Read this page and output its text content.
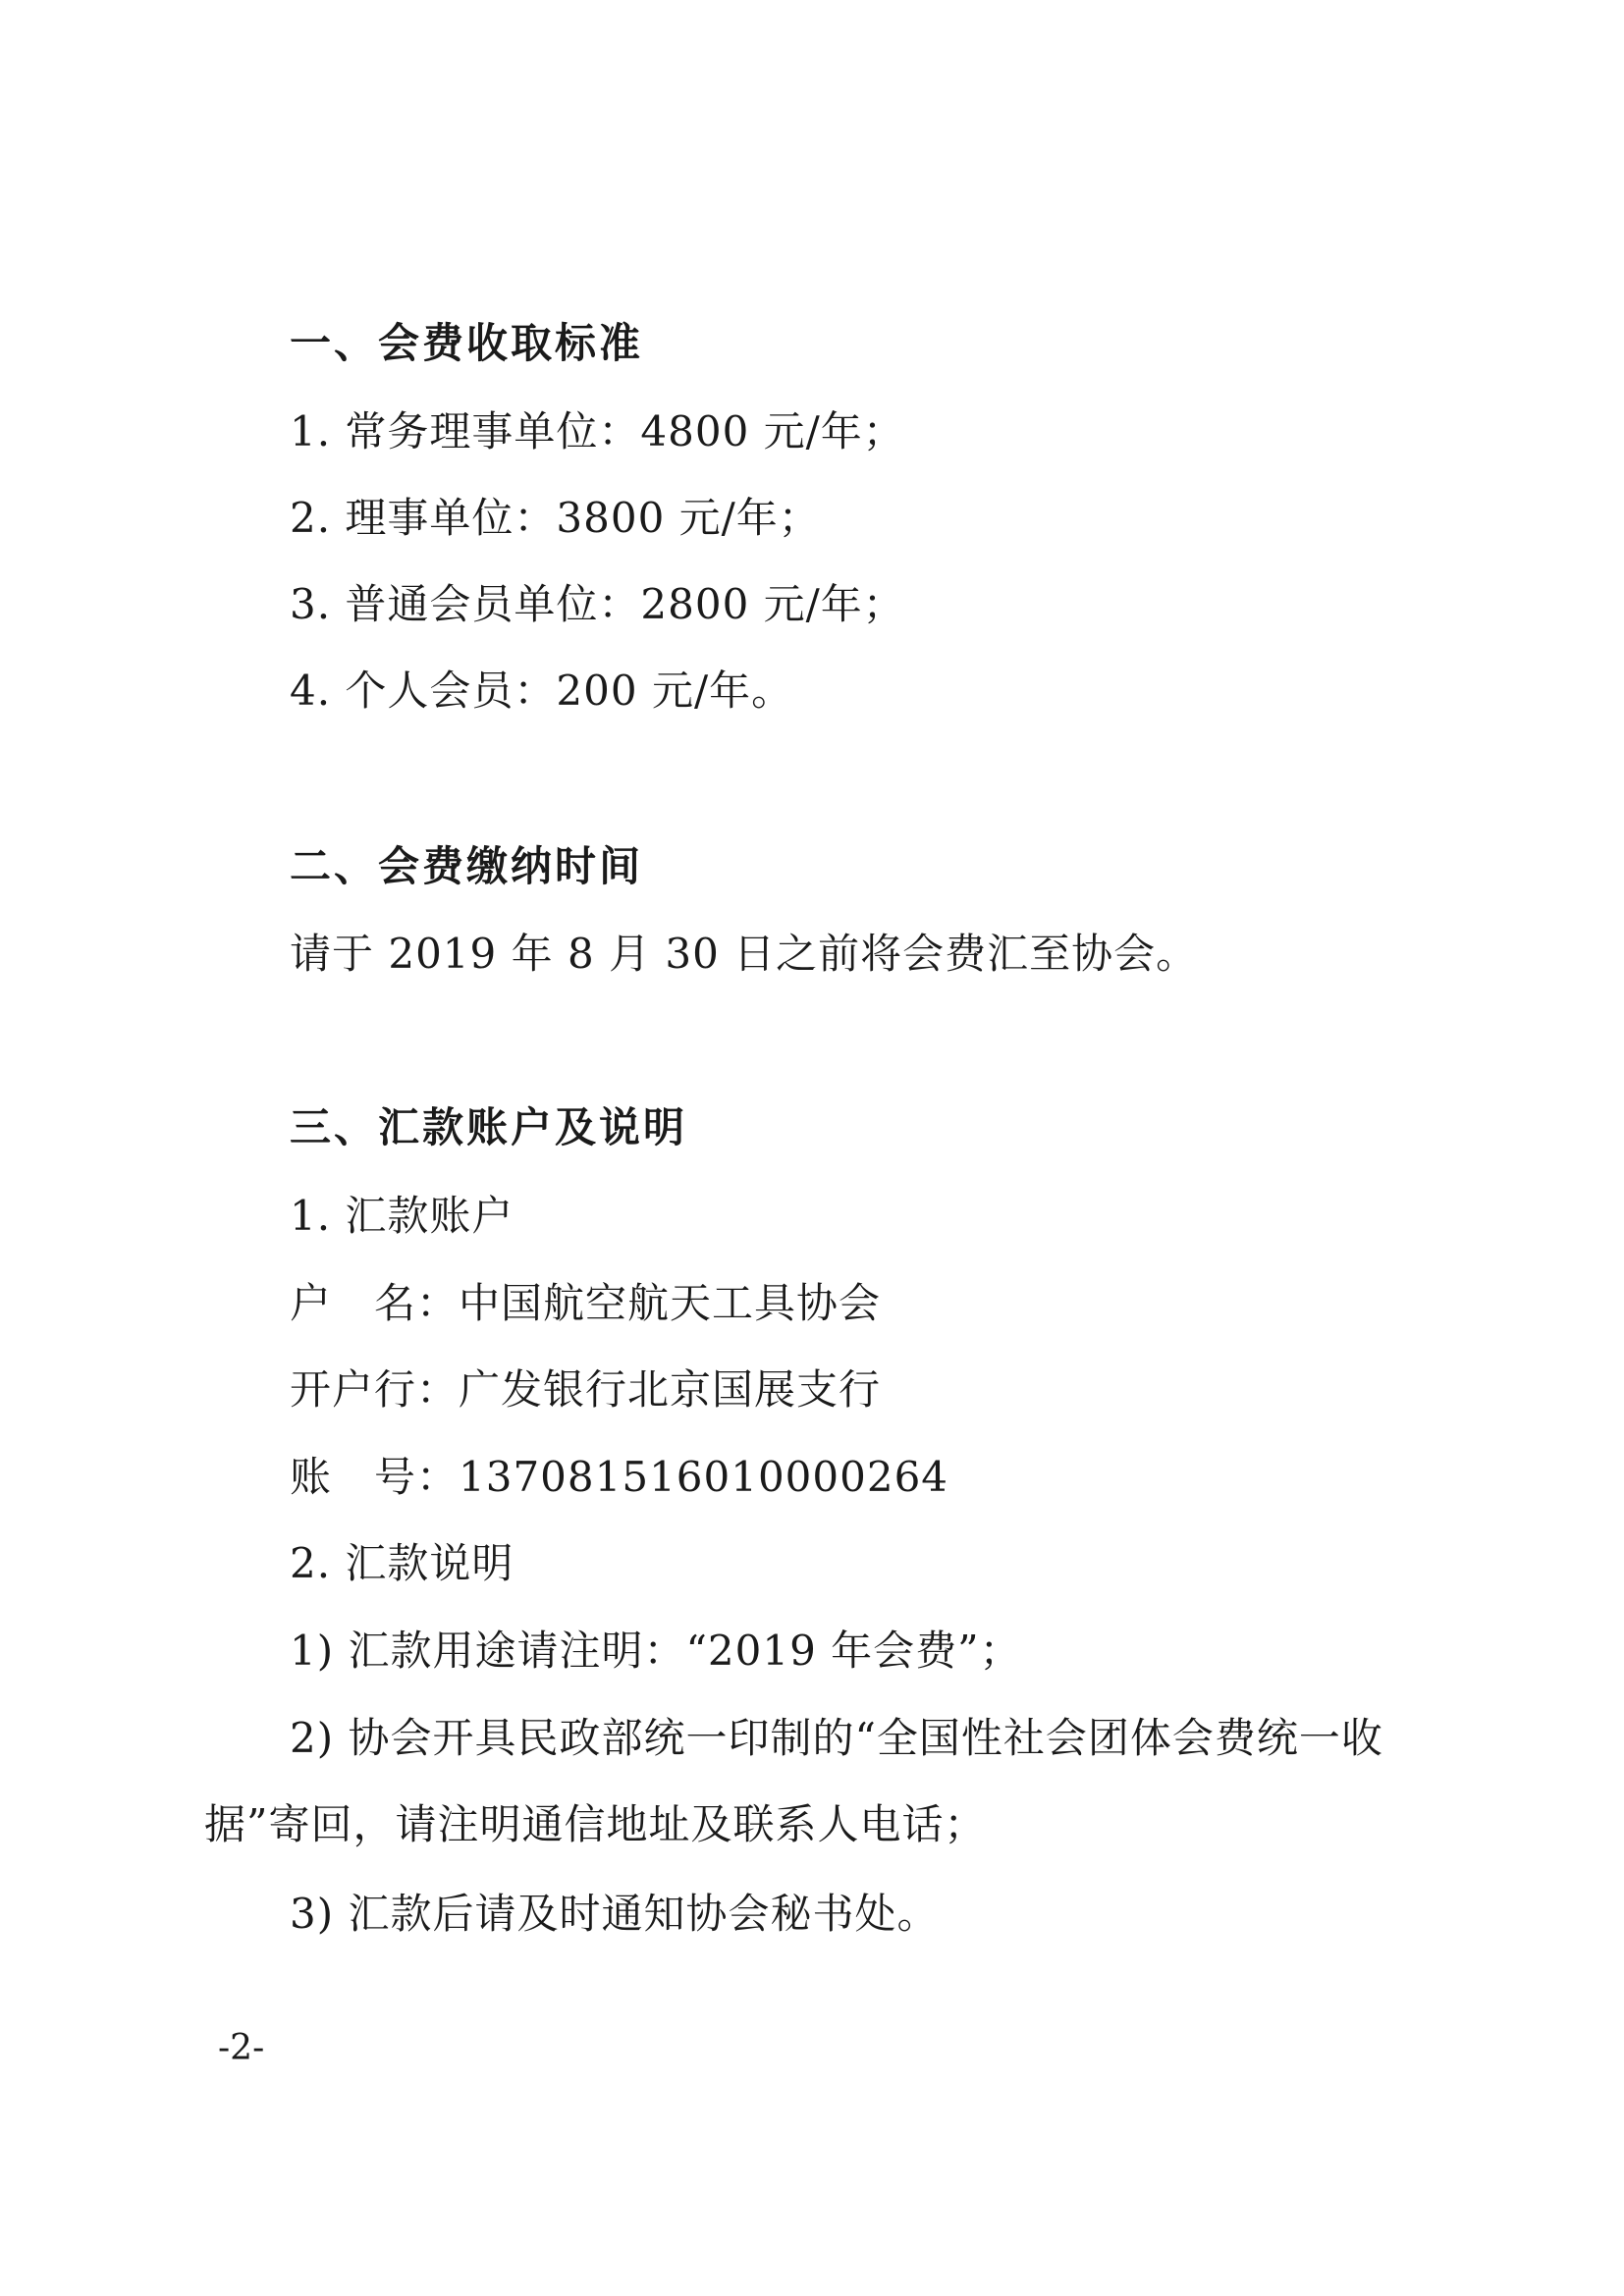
一、会费收取标准
1. 常务理事单位：4800 元/年；
2. 理事单位：3800 元/年；
3. 普通会员单位：2800 元/年；
4. 个人会员：200 元/年。
二、会费缴纳时间
请于 2019 年 8 月 30 日之前将会费汇至协会。
三、汇款账户及说明
1. 汇款账户
户　名：中国航空航天工具协会
开户行：广发银行北京国展支行
账　号：137081516010000264
2. 汇款说明
1) 汇款用途请注明：“2019 年会费”；
2) 协会开具民政部统一印制的“全国性社会团体会费统一收据”寄回，请注明通信地址及联系人电话；
3) 汇款后请及时通知协会秘书处。
-2-
